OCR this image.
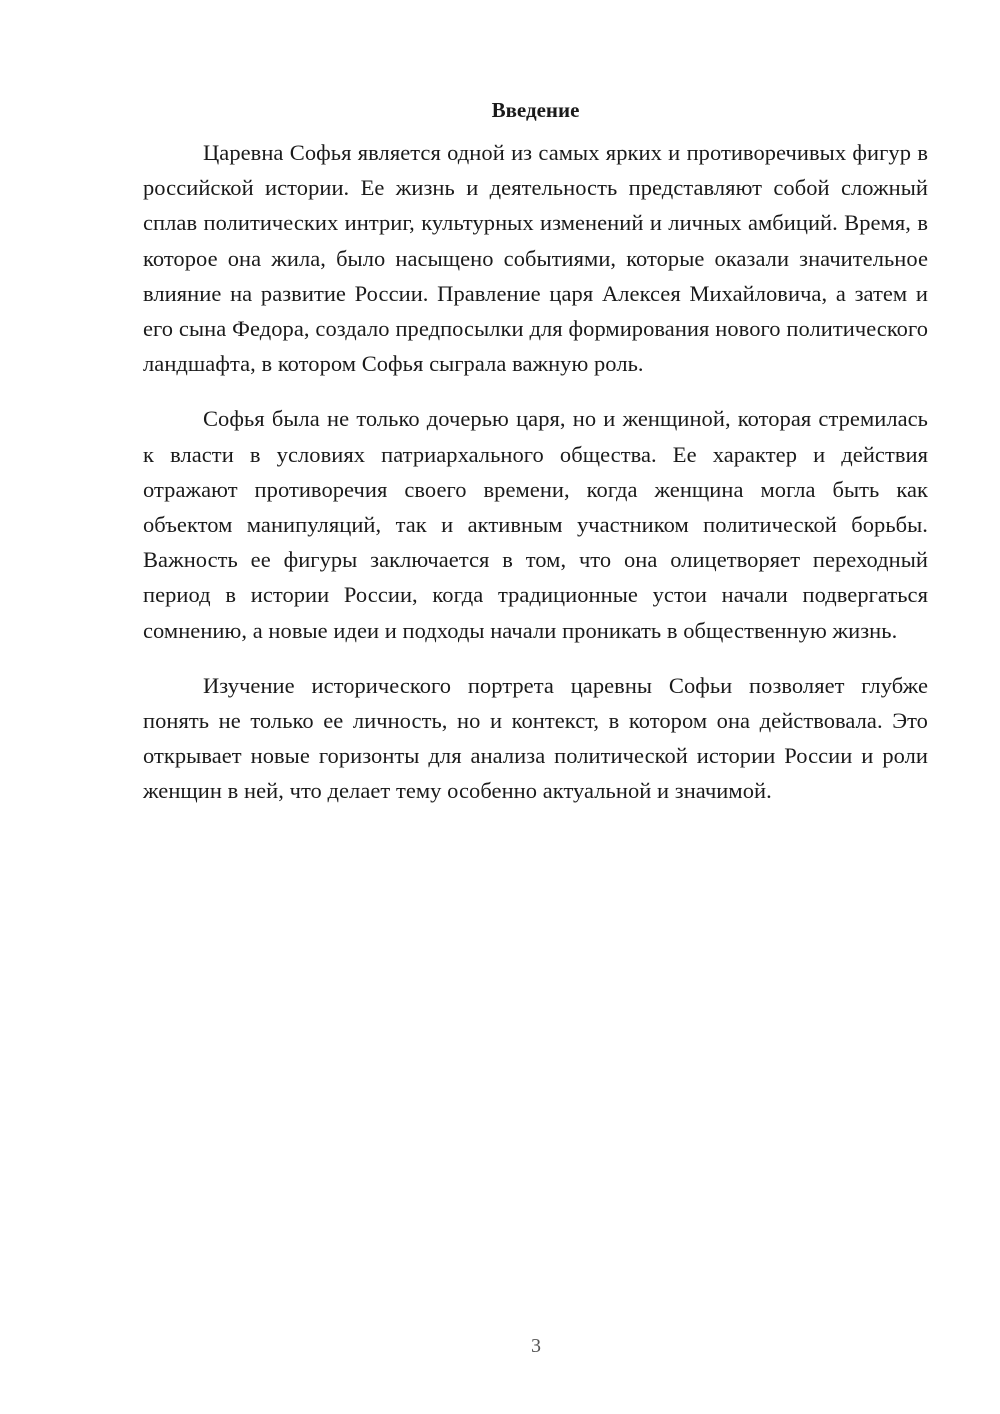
Введение

Царевна Софья является одной из самых ярких и противоречивых фигур в российской истории. Ее жизнь и деятельность представляют собой сложный сплав политических интриг, культурных изменений и личных амбиций. Время, в которое она жила, было насыщено событиями, которые оказали значительное влияние на развитие России. Правление царя Алексея Михайловича, а затем и его сына Федора, создало предпосылки для формирования нового политического ландшафта, в котором Софья сыграла важную роль.

Софья была не только дочерью царя, но и женщиной, которая стремилась к власти в условиях патриархального общества. Ее характер и действия отражают противоречия своего времени, когда женщина могла быть как объектом манипуляций, так и активным участником политической борьбы. Важность ее фигуры заключается в том, что она олицетворяет переходный период в истории России, когда традиционные устои начали подвергаться сомнению, а новые идеи и подходы начали проникать в общественную жизнь.

Изучение исторического портрета царевны Софьи позволяет глубже понять не только ее личность, но и контекст, в котором она действовала. Это открывает новые горизонты для анализа политической истории России и роли женщин в ней, что делает тему особенно актуальной и значимой.

3
